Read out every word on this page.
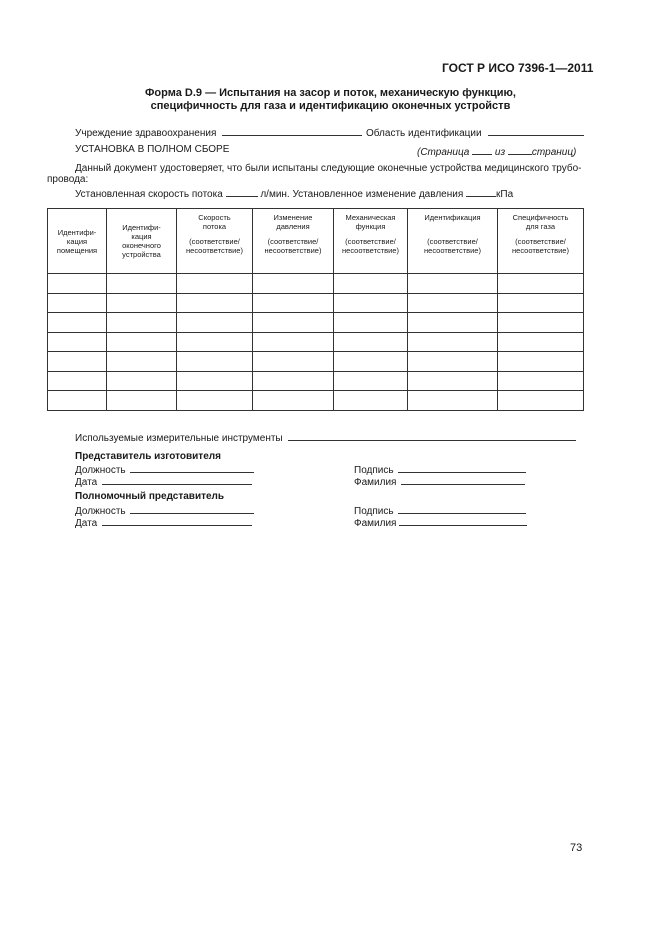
ГОСТ Р ИСО 7396-1—2011
Форма D.9 — Испытания на засор и поток, механическую функцию,
специфичность для газа и идентификацию оконечных устройств
Учреждение здравоохранения	Область идентификации
УСТАНОВКА В ПОЛНОМ СБОРЕ	(Страница	из	страниц)
Данный документ удостоверяет, что были испытаны следующие оконечные устройства медицинского трубо-
провода:
Установленная скорость потока	л/мин. Установленное изменение давления	кПа
Идентифи-
кация
помещения	Идентифи-
кация
оконечного
устройства	Скорость
потока
(соответствие/
несоответствие)	Изменение
давления
(соответствие/
несоответствие)	Механическая
функция
(соответствие/
несоответствие)	Идентификация
(соответствие/
несоответствие)	Специфичность
для газа
(соответствие/
несоответствие)

Используемые измерительные инструменты
Представитель изготовителя
Должность
Дата
Подпись
Фамилия
Полномочный представитель
Должность
Дата
Подпись
Фамилия
73
